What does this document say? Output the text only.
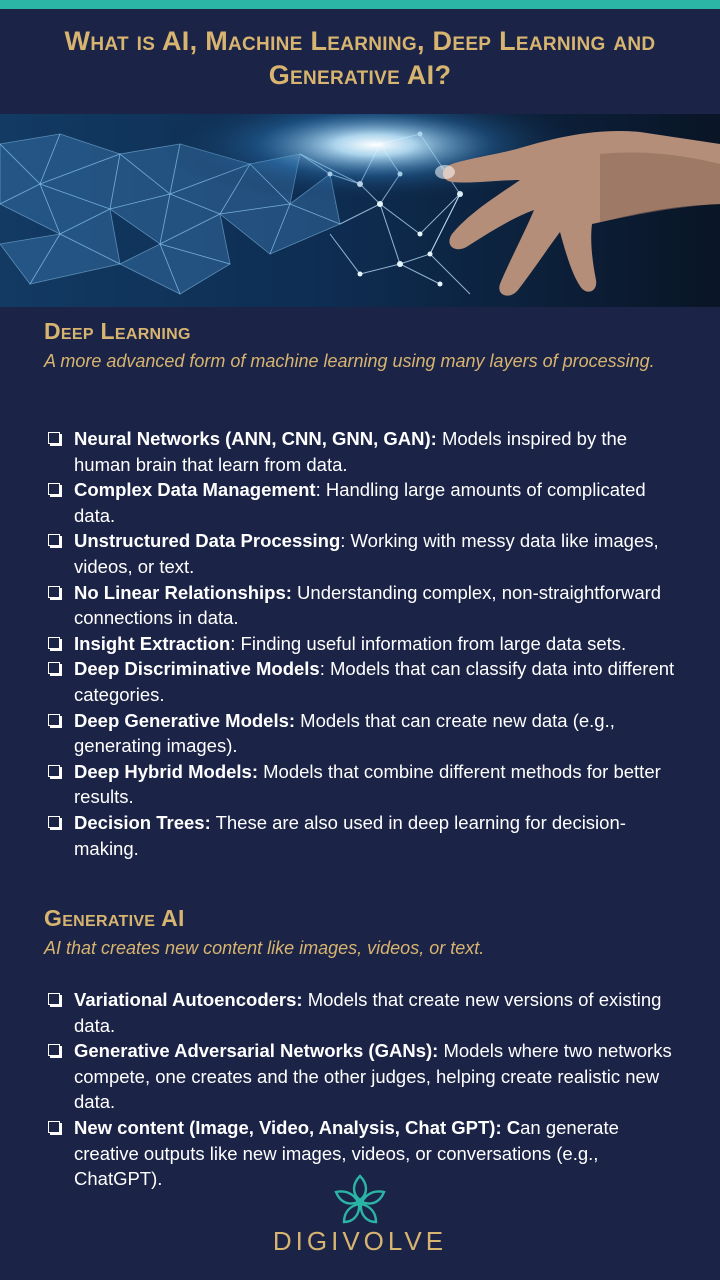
What is AI, Machine Learning, Deep Learning and Generative AI?
Deep Learning
A more advanced form of machine learning using many layers of processing.
Neural Networks (ANN, CNN, GNN, GAN): Models inspired by the human brain that learn from data.
Complex Data Management: Handling large amounts of complicated data.
Unstructured Data Processing: Working with messy data like images, videos, or text.
No Linear Relationships: Understanding complex, non-straightforward connections in data.
Insight Extraction: Finding useful information from large data sets.
Deep Discriminative Models: Models that can classify data into different categories.
Deep Generative Models: Models that can create new data (e.g., generating images).
Deep Hybrid Models: Models that combine different methods for better results.
Decision Trees: These are also used in deep learning for decision-making.
Generative AI
AI that creates new content like images, videos, or text.
Variational Autoencoders: Models that create new versions of existing data.
Generative Adversarial Networks (GANs): Models where two networks compete, one creates and the other judges, helping create realistic new data.
New content (Image, Video, Analysis, Chat GPT): Can generate creative outputs like new images, videos, or conversations (e.g., ChatGPT).
DIGIVOLVE
